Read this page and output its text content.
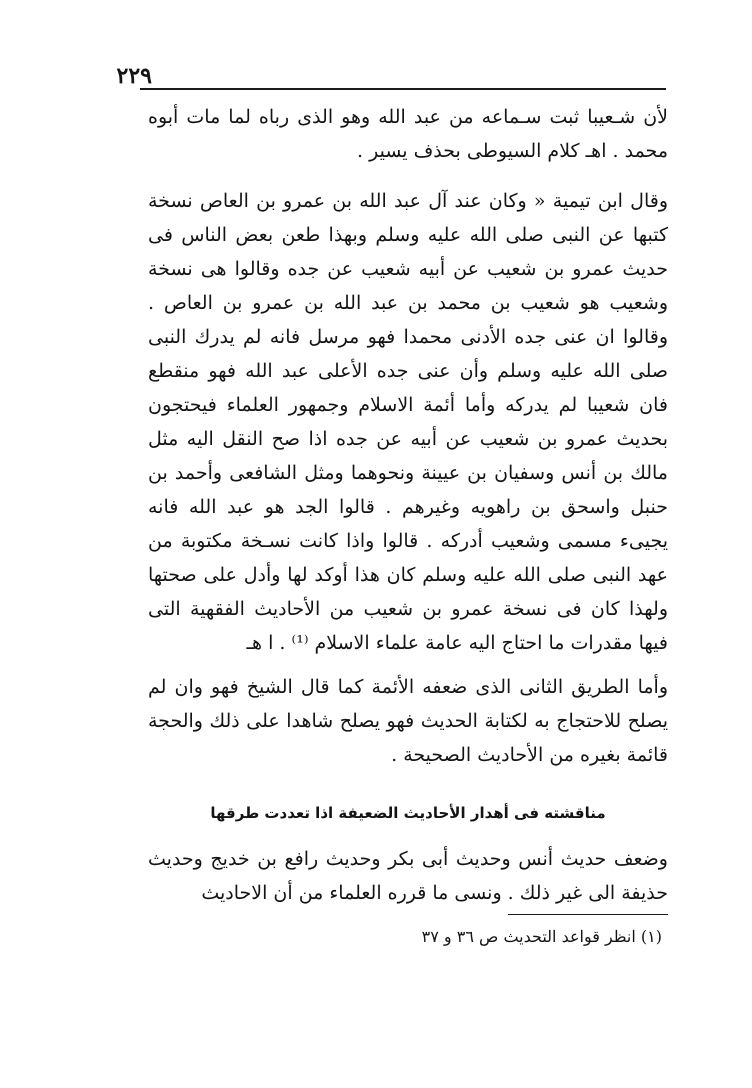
٢٢٩

لأن شـعيبا ثبت سـماعه من عبد الله وهو الذى رباه لما مات أبوه محمد . اهـ كلام السيوطى بحذف يسير .

وقال ابن تيمية « وكان عند آل عبد الله بن عمرو بن العاص نسخة كتبها عن النبى صلى الله عليه وسلم وبهذا طعن بعض الناس فى حديث عمرو بن شعيب عن أبيه شعيب عن جده وقالوا هى نسخة وشعيب هو شعيب بن محمد بن عبد الله بن عمرو بن العاص . وقالوا ان عنى جده الأدنى محمدا فهو مرسل فانه لم يدرك النبى صلى الله عليه وسلم وأن عنى جده الأعلى عبد الله فهو منقطع فان شعيبا لم يدركه وأما أئمة الاسلام وجمهور العلماء فيحتجون بحديث عمرو بن شعيب عن أبيه عن جده اذا صح النقل اليه مثل مالك بن أنس وسفيان بن عيينة ونحوهما ومثل الشافعى وأحمد بن حنبل واسحق بن راهويه وغيرهم . قالوا الجد هو عبد الله فانه يجيىء مسمى وشعيب أدركه . قالوا واذا كانت نسـخة مكتوبة من عهد النبى صلى الله عليه وسلم كان هذا أوكد لها وأدل على صحتها ولهذا كان فى نسخة عمرو بن شعيب من الأحاديث الفقهية التى فيها مقدرات ما احتاج اليه عامة علماء الاسلام ⁽¹⁾ . ا هـ

وأما الطريق الثانى الذى ضعفه الأئمة كما قال الشيخ فهو وان لم يصلح للاحتجاج به لكتابة الحديث فهو يصلح شاهدا على ذلك والحجة قائمة بغيره من الأحاديث الصحيحة .

مناقشته فى أهدار الأحاديث الضعيفة اذا تعددت طرقها

وضعف حديث أنس وحديث أبى بكر وحديث رافع بن خديج وحديث حذيفة الى غير ذلك . ونسى ما قرره العلماء من أن الاحاديث

(١) انظر قواعد التحديث ص ٣٦ و ٣٧
